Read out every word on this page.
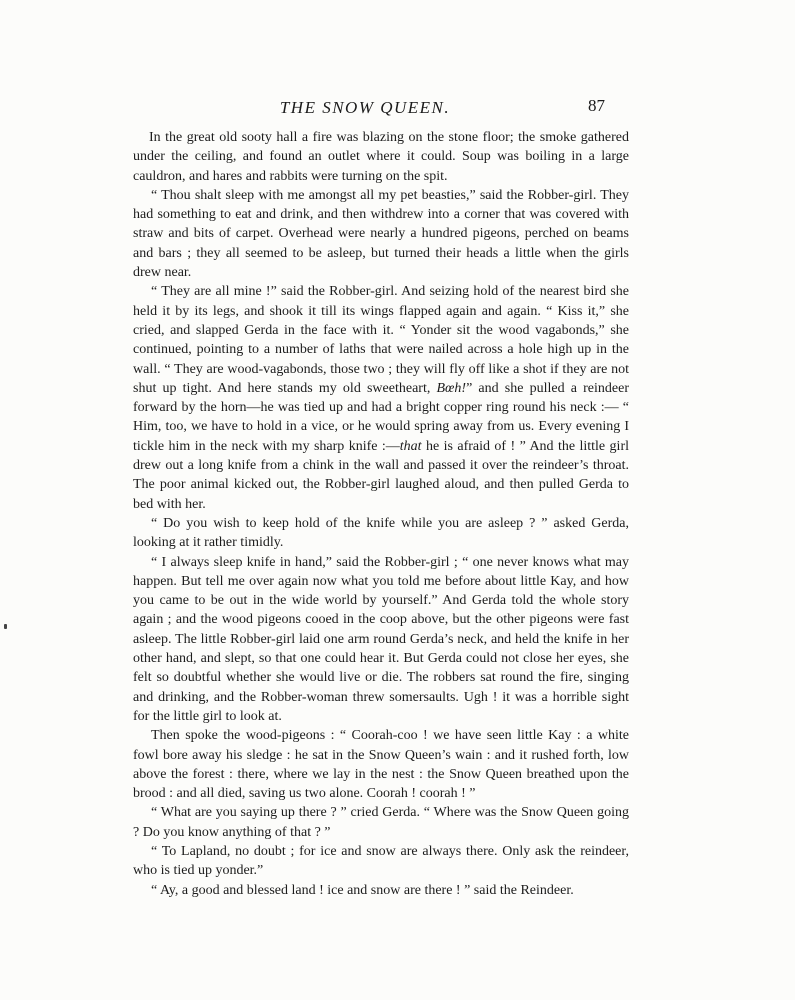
THE SNOW QUEEN.	87

In the great old sooty hall a fire was blazing on the stone floor; the smoke gathered under the ceiling, and found an outlet where it could. Soup was boiling in a large cauldron, and hares and rabbits were turning on the spit.

“ Thou shalt sleep with me amongst all my pet beasties,” said the Robber-girl. They had something to eat and drink, and then withdrew into a corner that was covered with straw and bits of carpet. Overhead were nearly a hundred pigeons, perched on beams and bars ; they all seemed to be asleep, but turned their heads a little when the girls drew near.

“ They are all mine !” said the Robber-girl. And seizing hold of the nearest bird she held it by its legs, and shook it till its wings flapped again and again. “ Kiss it,” she cried, and slapped Gerda in the face with it. “ Yonder sit the wood vagabonds,” she continued, pointing to a number of laths that were nailed across a hole high up in the wall. “ They are wood-vagabonds, those two ; they will fly off like a shot if they are not shut up tight. And here stands my old sweetheart, Bœh!” and she pulled a reindeer forward by the horn—he was tied up and had a bright copper ring round his neck :— “ Him, too, we have to hold in a vice, or he would spring away from us. Every evening I tickle him in the neck with my sharp knife :—that he is afraid of ! ” And the little girl drew out a long knife from a chink in the wall and passed it over the reindeer’s throat. The poor animal kicked out, the Robber-girl laughed aloud, and then pulled Gerda to bed with her.

“ Do you wish to keep hold of the knife while you are asleep ? ” asked Gerda, looking at it rather timidly.

“ I always sleep knife in hand,” said the Robber-girl ; “ one never knows what may happen. But tell me over again now what you told me before about little Kay, and how you came to be out in the wide world by yourself.” And Gerda told the whole story again ; and the wood pigeons cooed in the coop above, but the other pigeons were fast asleep. The little Robber-girl laid one arm round Gerda’s neck, and held the knife in her other hand, and slept, so that one could hear it. But Gerda could not close her eyes, she felt so doubtful whether she would live or die. The robbers sat round the fire, singing and drinking, and the Robber-woman threw somersaults. Ugh ! it was a horrible sight for the little girl to look at.

Then spoke the wood-pigeons : “ Coorah-coo ! we have seen little Kay : a white fowl bore away his sledge : he sat in the Snow Queen’s wain : and it rushed forth, low above the forest : there, where we lay in the nest : the Snow Queen breathed upon the brood : and all died, saving us two alone. Coorah ! coorah ! ”

“ What are you saying up there ? ” cried Gerda. “ Where was the Snow Queen going ? Do you know anything of that ? ”

“ To Lapland, no doubt ; for ice and snow are always there. Only ask the reindeer, who is tied up yonder.”

“ Ay, a good and blessed land ! ice and snow are there ! ” said the Reindeer.
